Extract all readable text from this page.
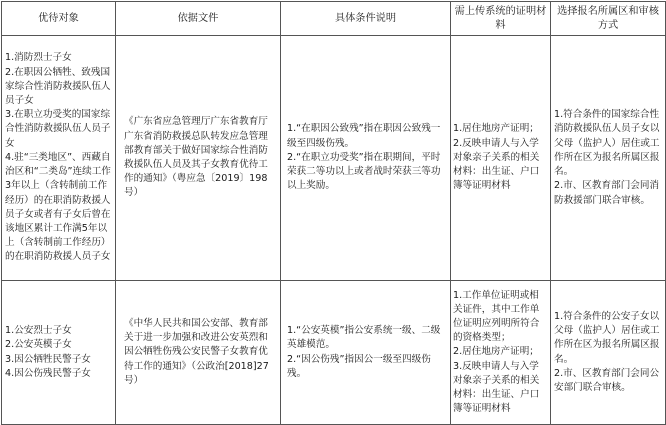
优待对象	依据文件	具体条件说明	需上传系统的证明材料	选择报名所属区和审核方式

1.消防烈士子女
2.在职因公牺牲、致残国家综合性消防救援队伍人员子女
3.在职立功受奖的国家综合性消防救援队伍人员子女
4.驻“三类地区”、西藏自治区和“二类岛”连续工作3年以上（含转制前工作经历）的在职消防救援人员子女或者有子女后曾在该地区累计工作满5年以上（含转制前工作经历）的在职消防救援人员子女	《广东省应急管理厅广东省教育厅广东省消防救援总队转发应急管理部教育部关于做好国家综合性消防救援队伍人员及其子女教育优待工作的通知》（粤应急〔2019〕198号）	1.“在职因公致残”指在职因公致残一级至四级伤残。
2.“在职立功受奖”指在职期间，平时荣获二等功以上或者战时荣获三等功以上奖励。	1.居住地房产证明；
2.反映申请人与入学对象亲子关系的相关材料：出生证、户口簿等证明材料	1.符合条件的国家综合性消防救援队伍人员子女以父母（监护人）居住或工作所在区为报名所属区报名。
2.市、区教育部门会同消防救援部门联合审核。

1.公安烈士子女
2.公安英模子女
3.因公牺牲民警子女
4.因公伤残民警子女	《中华人民共和国公安部、教育部关于进一步加强和改进公安英烈和因公牺牲伤残公安民警子女教育优待工作的通知》（公政治[2018]27号）	1.“公安英模”指公安系统一级、二级英雄模范。
2.“因公伤残”指因公一级至四级伤残。	1.工作单位证明或相关证件，其中工作单位证明应列明所符合的资格类型；
2.居住地房产证明；
3.反映申请人与入学对象亲子关系的相关材料：出生证、户口簿等证明材料	1.符合条件的公安子女以父母（监护人）居住或工作所在区为报名所属区报名。
2.市、区教育部门会同公安部门联合审核。
